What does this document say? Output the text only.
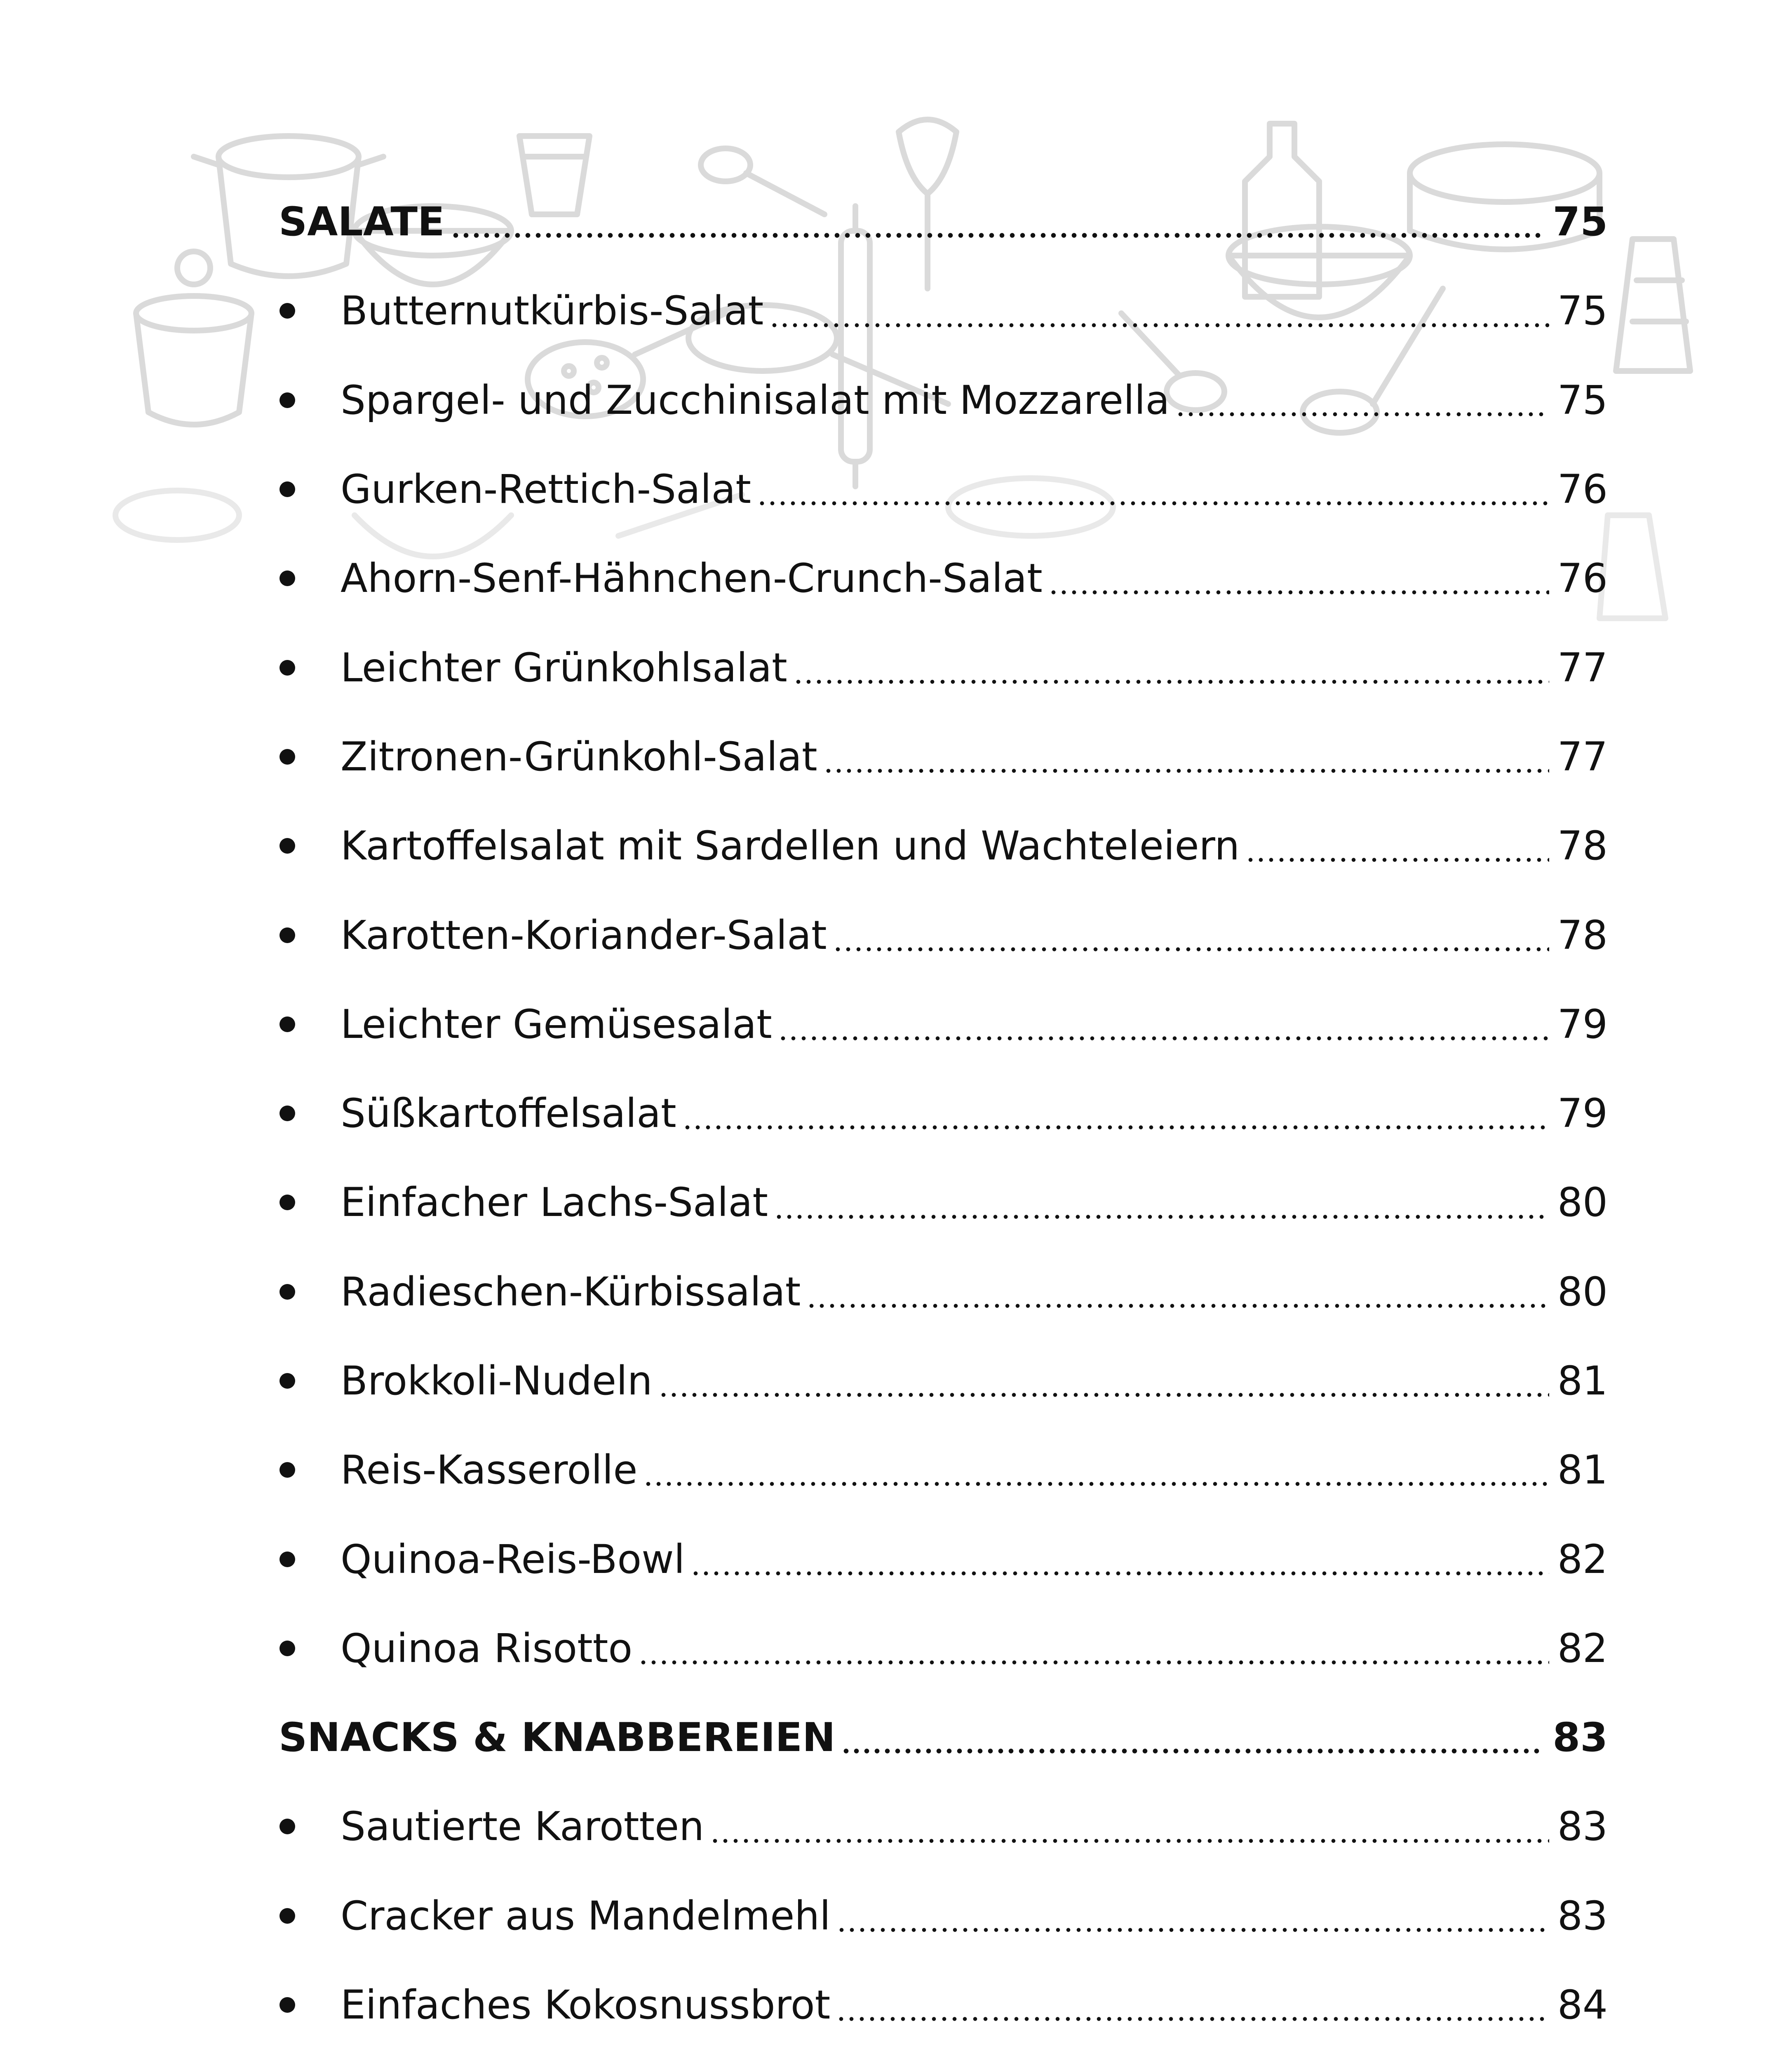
SALATE	75
Butternutkürbis-Salat	75
Spargel- und Zucchinisalat mit Mozzarella	75
Gurken-Rettich-Salat	76
Ahorn-Senf-Hähnchen-Crunch-Salat	76
Leichter Grünkohlsalat	77
Zitronen-Grünkohl-Salat	77
Kartoffelsalat mit Sardellen und Wachteleiern	78
Karotten-Koriander-Salat	78
Leichter Gemüsesalat	79
Süßkartoffelsalat	79
Einfacher Lachs-Salat	80
Radieschen-Kürbissalat	80
Brokkoli-Nudeln	81
Reis-Kasserolle	81
Quinoa-Reis-Bowl	82
Quinoa Risotto	82
SNACKS & KNABBEREIEN	83
Sautierte Karotten	83
Cracker aus Mandelmehl	83
Einfaches Kokosnussbrot	84
